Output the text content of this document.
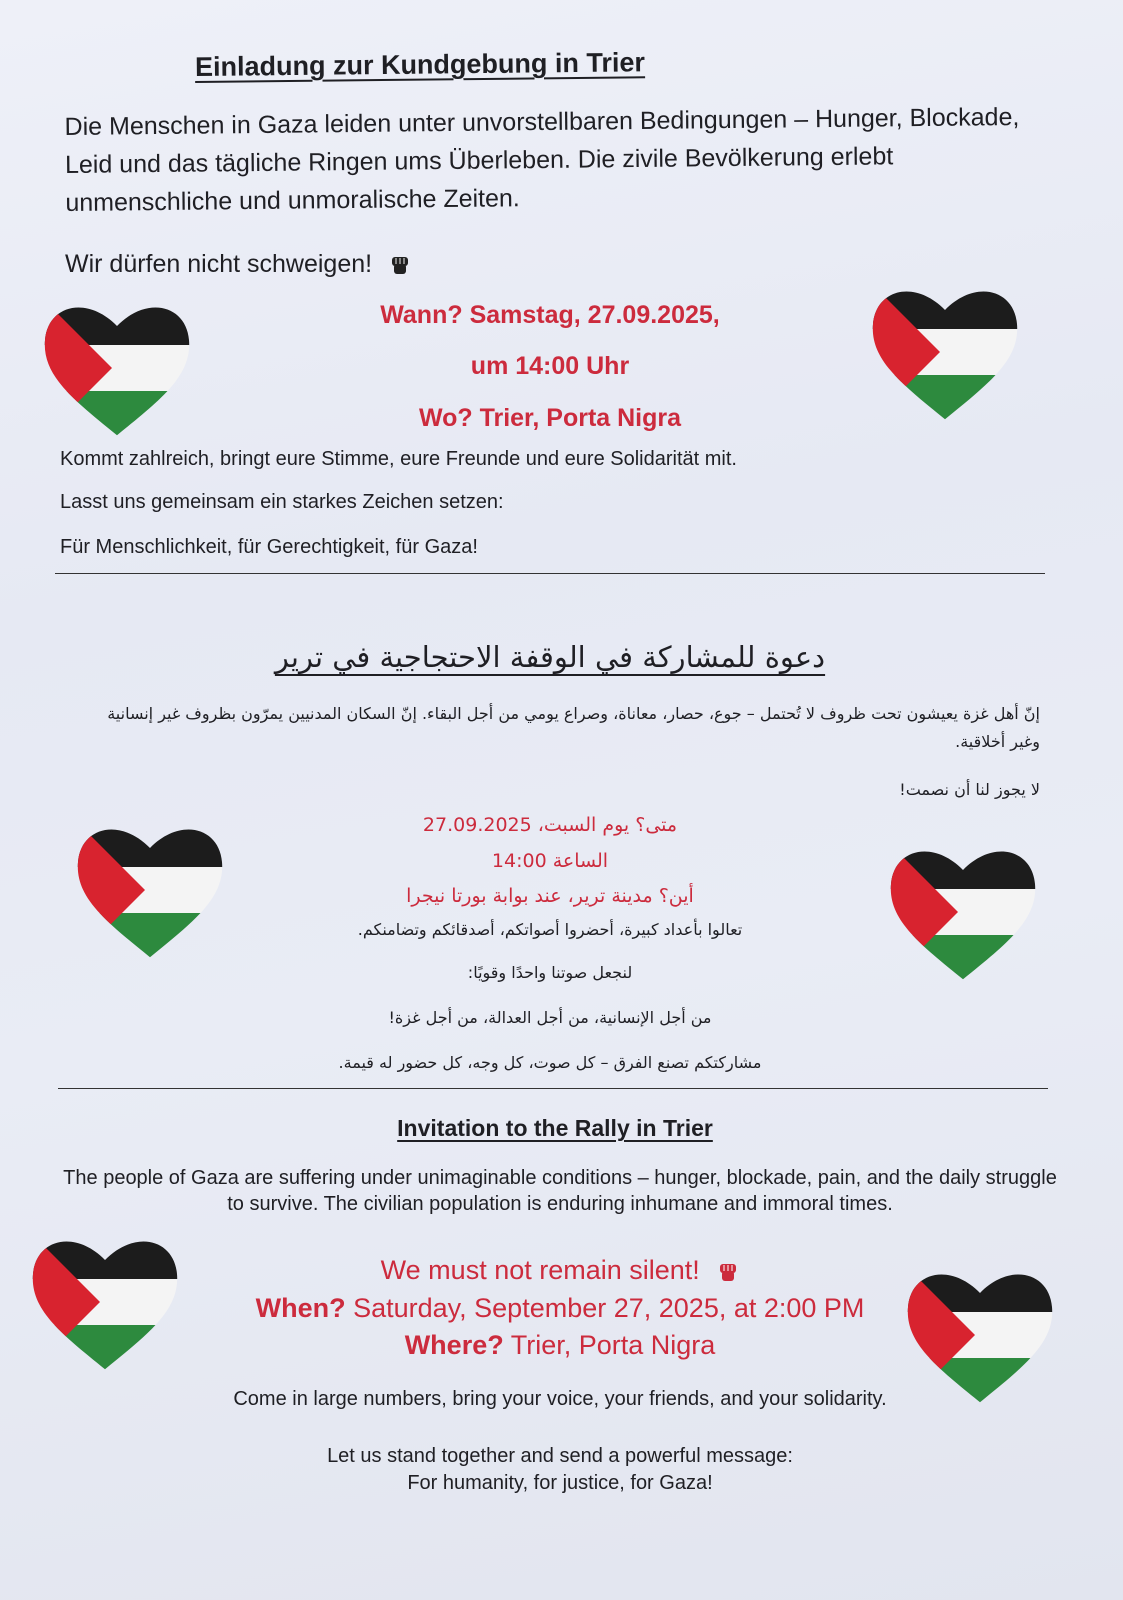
Einladung zur Kundgebung in Trier
Die Menschen in Gaza leiden unter unvorstellbaren Bedingungen – Hunger, Blockade, Leid und das tägliche Ringen ums Überleben. Die zivile Bevölkerung erlebt unmenschliche und unmoralische Zeiten.
Wir dürfen nicht schweigen!
Wann? Samstag, 27.09.2025,
um 14:00 Uhr
Wo? Trier, Porta Nigra
Kommt zahlreich, bringt eure Stimme, eure Freunde und eure Solidarität mit.
Lasst uns gemeinsam ein starkes Zeichen setzen:
Für Menschlichkeit, für Gerechtigkeit, für Gaza!
دعوة للمشاركة في الوقفة الاحتجاجية في ترير
إنّ أهل غزة يعيشون تحت ظروف لا تُحتمل – جوع، حصار، معاناة، وصراع يومي من أجل البقاء. إنّ السكان المدنيين يمرّون بظروف غير إنسانية وغير أخلاقية.
لا يجوز لنا أن نصمت!
متى؟ يوم السبت، 27.09.2025
الساعة 14:00
أين؟ مدينة ترير، عند بوابة بورتا نيجرا
تعالوا بأعداد كبيرة، أحضروا أصواتكم، أصدقائكم وتضامنكم.
لنجعل صوتنا واحدًا وقويًا:
من أجل الإنسانية، من أجل العدالة، من أجل غزة!
مشاركتكم تصنع الفرق – كل صوت، كل وجه، كل حضور له قيمة.
Invitation to the Rally in Trier
The people of Gaza are suffering under unimaginable conditions – hunger, blockade, pain, and the daily struggle to survive. The civilian population is enduring inhumane and immoral times.
We must not remain silent!
When? Saturday, September 27, 2025, at 2:00 PM
Where? Trier, Porta Nigra
Come in large numbers, bring your voice, your friends, and your solidarity.
Let us stand together and send a powerful message:
For humanity, for justice, for Gaza!
